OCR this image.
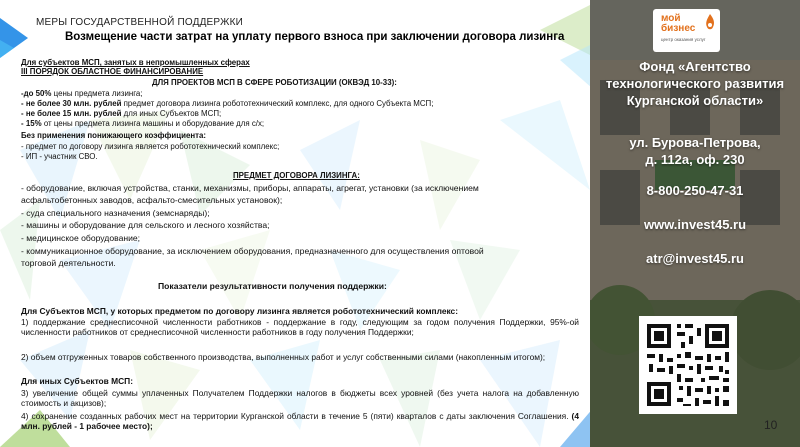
МЕРЫ ГОСУДАРСТВЕННОЙ ПОДДЕРЖКИ
Возмещение части затрат на уплату первого взноса при заключении договора лизинга
Для субъектов МСП, занятых в непромышленных сферах
III ПОРЯДОК ОБЛАСТНОЕ ФИНАНСИРОВАНИЕ
ДЛЯ ПРОЕКТОВ МСП В СФЕРЕ РОБОТИЗАЦИИ (ОКВЭД 10-33):
-до 50% цены предмета лизинга;
- не более 30 млн. рублей предмет договора лизинга робототехнический комплекс, для одного Субъекта МСП;
- не более 15 млн. рублей для иных Субъектов МСП;
- 15% от цены предмета лизинга машины и оборудование для с/х;
Без применения понижающего коэффициента:
- предмет по договору лизинга является робототехнический комплекс;
- ИП - участник СВО.
ПРЕДМЕТ ДОГОВОРА ЛИЗИНГА:
- оборудование, включая устройства, станки, механизмы, приборы, аппараты, агрегат, установки (за исключением
асфальтобетонных заводов, асфальто-смесительных установок);
- суда специального назначения (земснаряды);
- машины и оборудование для сельского и лесного хозяйства;
- медицинское оборудование;
- коммуникационное оборудование, за исключением оборудования, предназначенного для осуществления оптовой
торговой деятельности.
Показатели результативности получения поддержки:
Для Субъектов МСП, у которых предметом по договору лизинга является робототехнический комплекс:
1) поддержание среднесписочной численности работников - поддержание в году, следующим за годом получения Поддержки, 95%-ой численности работников от среднесписочной численности работников в году получения Поддержки;
2) объем отгруженных товаров собственного производства, выполненных работ и услуг собственными силами (накопленным итогом);
Для иных Субъектов МСП:
3) увеличение общей суммы уплаченных Получателем Поддержки налогов в бюджеты всех уровней (без учета налога на добавленную стоимость и акцизов);
4) сохранение созданных рабочих мест на территории Курганской области в течение 5 (пяти) кварталов с даты заключения Соглашения. (4 млн. рублей - 1 рабочее место);
Фонд «Агентство
технологического развития
Курганской области»
ул. Бурова-Петрова,
д. 112а, оф. 230
8-800-250-47-31
www.invest45.ru
atr@invest45.ru
мой
бизнес
центр оказания услуг
10
